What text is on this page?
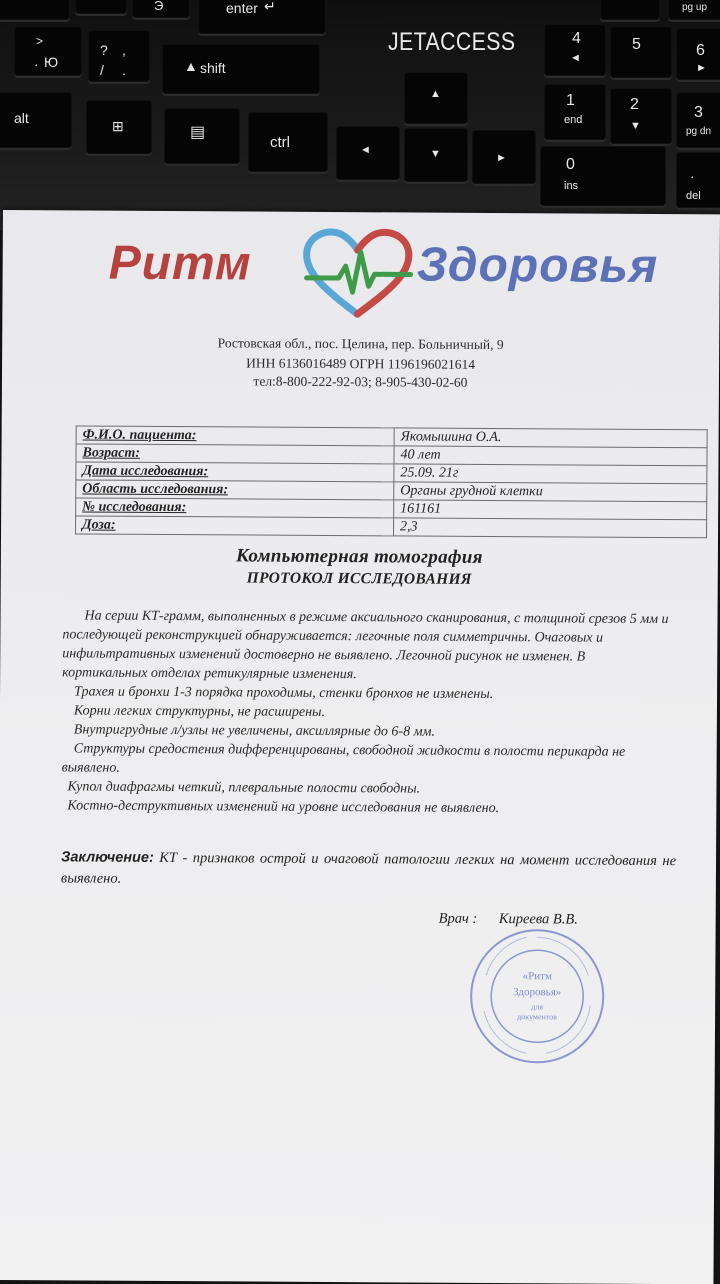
Э	enter ↵	pg up
>
· Ю
? ,
/ .	▲ shift
JETACCESS	4
◄
5	6
►
alt	⊞	▤
ctrl
▲
◄	▼	►
1
end
2
▼
3
pg dn
0
ins
·
del
Ритм	Здоровья
Ростовская обл., пос. Целина, пер. Больничный, 9
ИНН 6136016489 ОГРН 1196196021614
тел:8-800-222-92-03; 8-905-430-02-60
Ф.И.О. пациента:	Якомышина О.А.
Возраст:	40 лет
Дата исследования:	25.09. 21г
Область исследования:	Органы грудной клетки
№ исследования:	161161
Доза:	2,3
Компьютерная томография
ПРОТОКОЛ ИССЛЕДОВАНИЯ

На серии КТ-грамм, выполненных в режиме аксиального сканирования, с толщиной срезов 5 мм и последующей реконструкцией обнаруживается: легочные поля симметричны. Очаговых и инфильтративных изменений достоверно не выявлено. Легочной рисунок не изменен. В кортикальных отделах ретикулярные изменения.

Трахея и бронхи 1-3 порядка проходимы, стенки бронхов не изменены.

Корни легких структурны, не расширены.

Внутригрудные л/узлы не увеличены, аксиллярные до 6-8 мм.

Структуры средостения дифференцированы, свободной жидкости в полости перикарда не выявлено.

Купол диафрагмы четкий, плевральные полости свободны.

Костно-деструктивных изменений на уровне исследования не выявлено.

Заключение: КТ - признаков острой и очаговой патологии легких на момент исследования не выявлено.
Врач : Киреева В.В.
«Ритм
Здоровья»
для
документов
